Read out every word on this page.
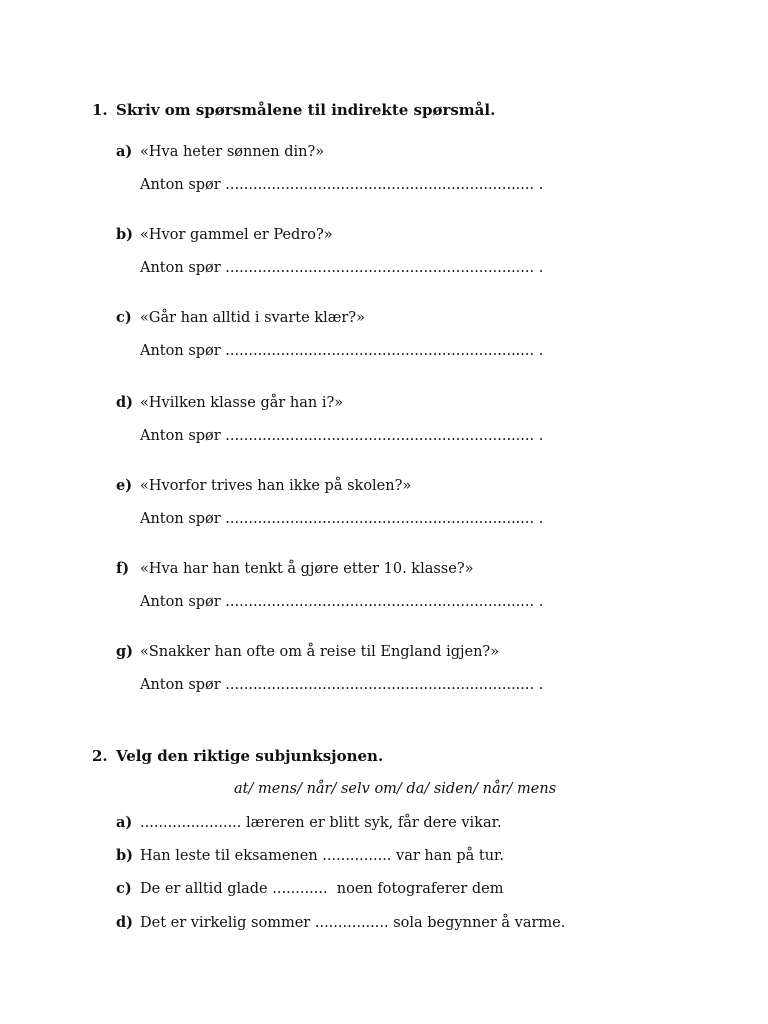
1. Skriv om spørsmålene til indirekte spørsmål.
a) «Hva heter sønnen din?»
Anton spør ................................................................... .
b) «Hvor gammel er Pedro?»
Anton spør ................................................................... .
c) «Går han alltid i svarte klær?»
Anton spør ................................................................... .
d) «Hvilken klasse går han i?»
Anton spør ................................................................... .
e) «Hvorfor trives han ikke på skolen?»
Anton spør ................................................................... .
f) «Hva har han tenkt å gjøre etter 10. klasse?»
Anton spør ................................................................... .
g) «Snakker han ofte om å reise til England igjen?»
Anton spør ................................................................... .
2. Velg den riktige subjunksjonen.
at/ mens/ når/ selv om/ da/ siden/ når/ mens
a) ...................... læreren er blitt syk, får dere vikar.
b) Han leste til eksamenen ............... var han på tur.
c) De er alltid glade ............  noen fotograferer dem
d) Det er virkelig sommer ................ sola begynner å varme.
